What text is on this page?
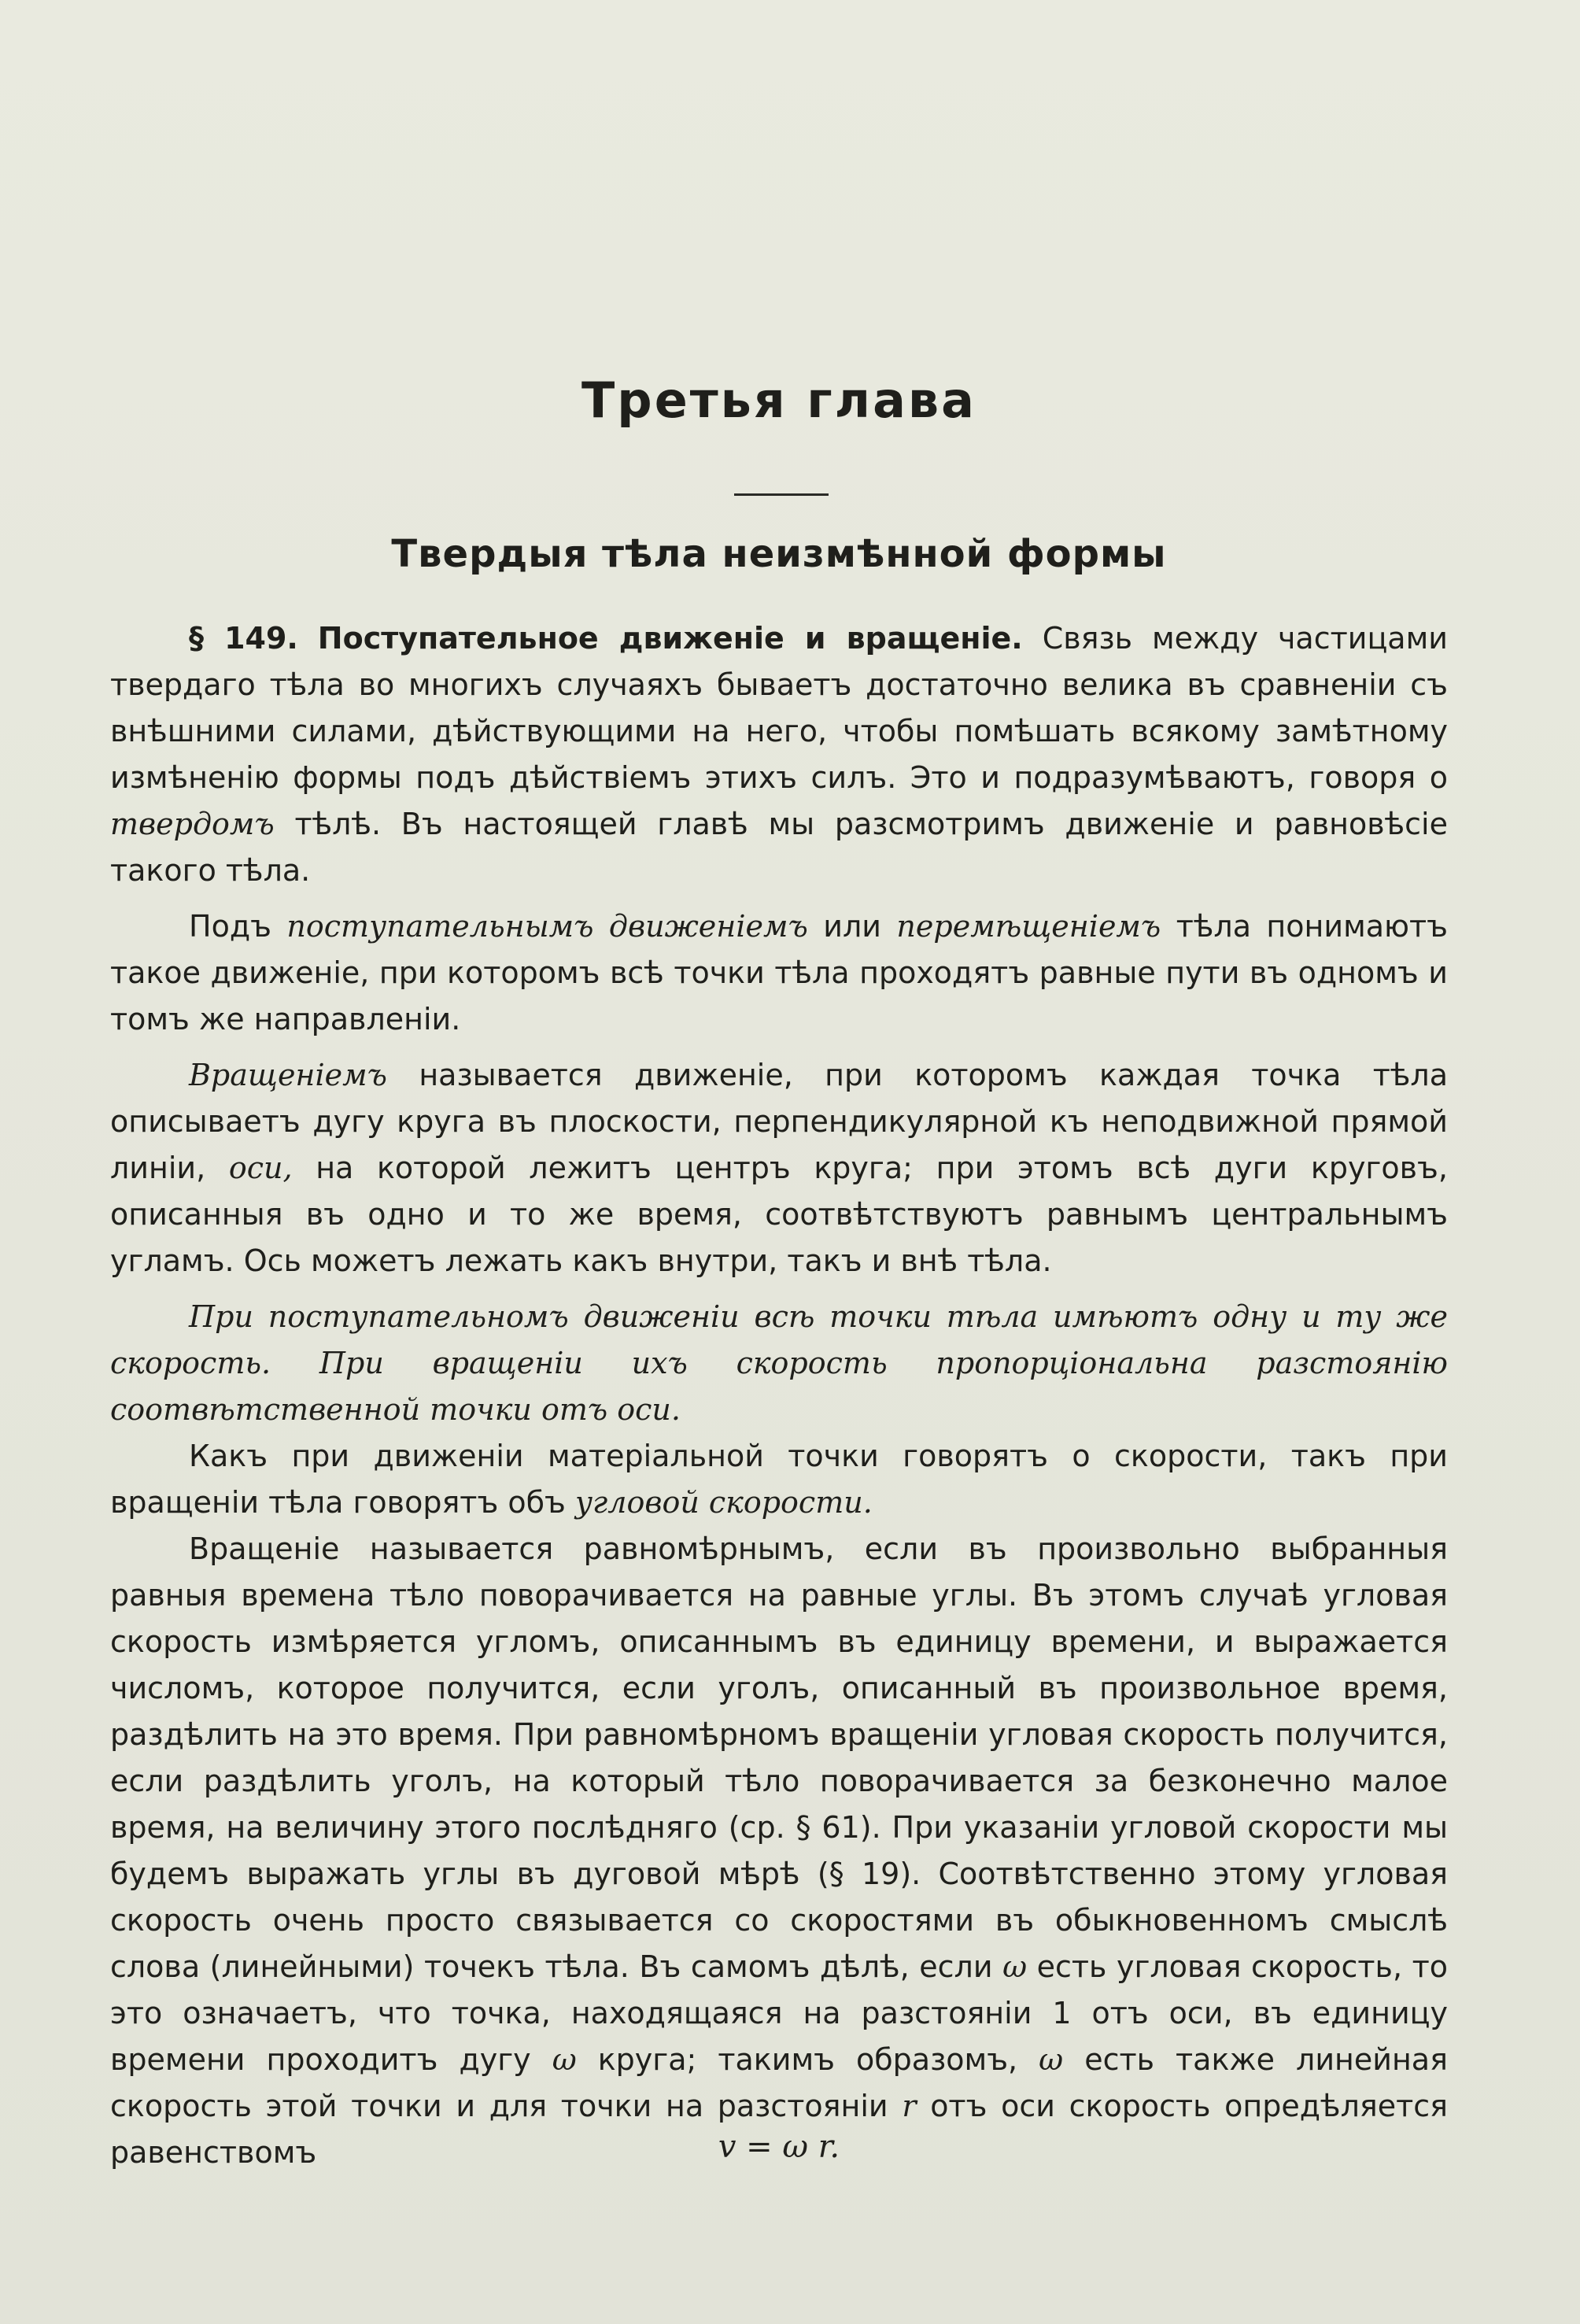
Третья глава
Твердыя тѣла неизмѣнной формы

§ 149. Поступательное движенiе и вращенiе. Связь между частицами твердаго тѣла во многихъ случаяхъ бываетъ достаточно велика въ сравненiи съ внѣшними силами, дѣйствующими на него, чтобы помѣшать всякому замѣтному измѣненiю формы подъ дѣйствiемъ этихъ силъ. Это и подразумѣваютъ, говоря о твердомъ тѣлѣ. Въ настоящей главѣ мы разсмотримъ движенiе и равновѣсiе такого тѣла.

Подъ поступательнымъ движенiемъ или перемѣщенiемъ тѣла понимаютъ такое движенiе, при которомъ всѣ точки тѣла проходятъ равные пути въ одномъ и томъ же направленiи.

Вращенiемъ называется движенiе, при которомъ каждая точка тѣла описываетъ дугу круга въ плоскости, перпендикулярной къ неподвижной прямой линiи, оси, на которой лежитъ центръ круга; при этомъ всѣ дуги круговъ, описанныя въ одно и то же время, соотвѣтствуютъ равнымъ центральнымъ угламъ. Ось можетъ лежать какъ внутри, такъ и внѣ тѣла.

При поступательномъ движенiи всѣ точки тѣла имѣютъ одну и ту же скорость. При вращенiи ихъ скорость пропорцiональна разстоянiю соотвѣтственной точки отъ оси.

Какъ при движенiи матерiальной точки говорятъ о скорости, такъ при вращенiи тѣла говорятъ объ угловой скорости.

Вращенiе называется равномѣрнымъ, если въ произвольно выбранныя равныя времена тѣло поворачивается на равные углы. Въ этомъ случаѣ угловая скорость измѣряется угломъ, описаннымъ въ единицу времени, и выражается числомъ, которое получится, если уголъ, описанный въ произвольное время, раздѣлить на это время. При равномѣрномъ вращенiи угловая скорость получится, если раздѣлить уголъ, на который тѣло поворачивается за безконечно малое время, на величину этого послѣдняго (ср. § 61). При указанiи угловой скорости мы будемъ выражать углы въ дуговой мѣрѣ (§ 19). Соотвѣтственно этому угловая скорость очень просто связывается со скоростями въ обыкновенномъ смыслѣ слова (линейными) точекъ тѣла. Въ самомъ дѣлѣ, если ω есть угловая скорость, то это означаетъ, что точка, находящаяся на разстоянiи 1 отъ оси, въ единицу времени проходитъ дугу ω круга; такимъ образомъ, ω есть также линейная скорость этой точки и для точки на разстоянiи r отъ оси скорость опредѣляется равенствомъ	v = ω r.
